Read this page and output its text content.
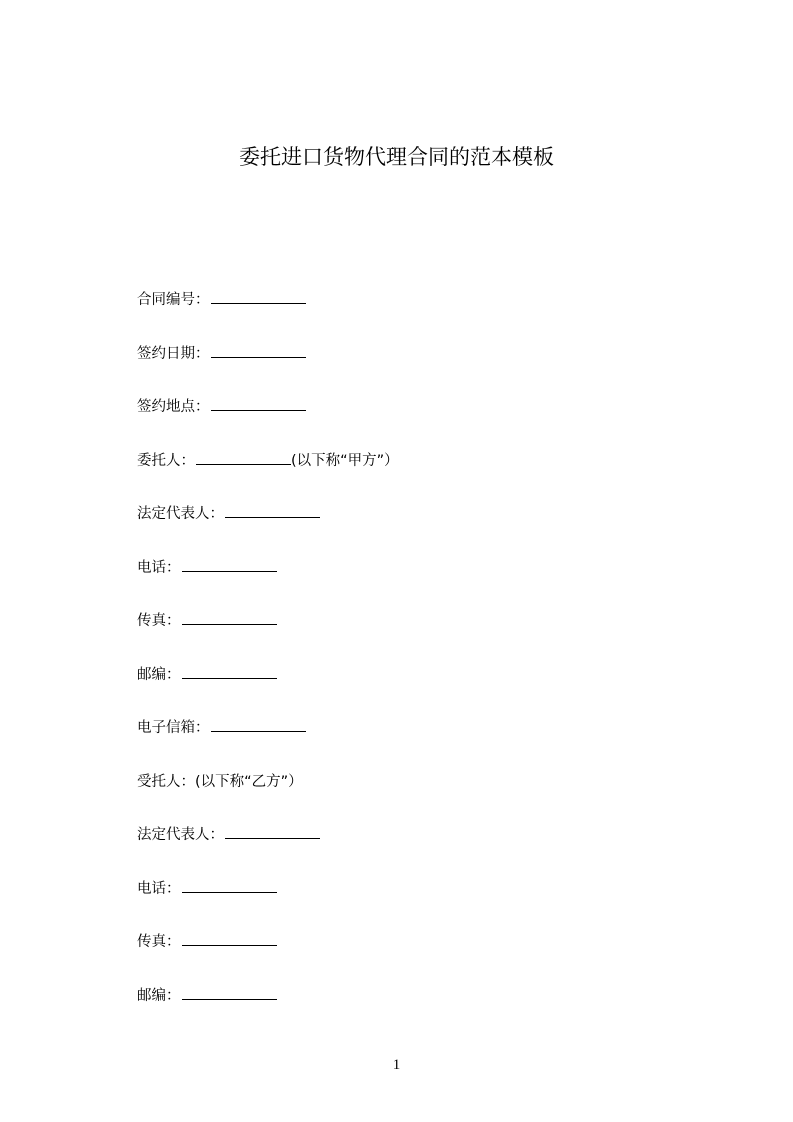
委托进口货物代理合同的范本模板
合同编号：
签约日期：
签约地点：
委托人：	(以下称“甲方”）
法定代表人：
电话：
传真：
邮编：
电子信箱：
受托人：(以下称“乙方”）
法定代表人：
电话：
传真：
邮编：
1
